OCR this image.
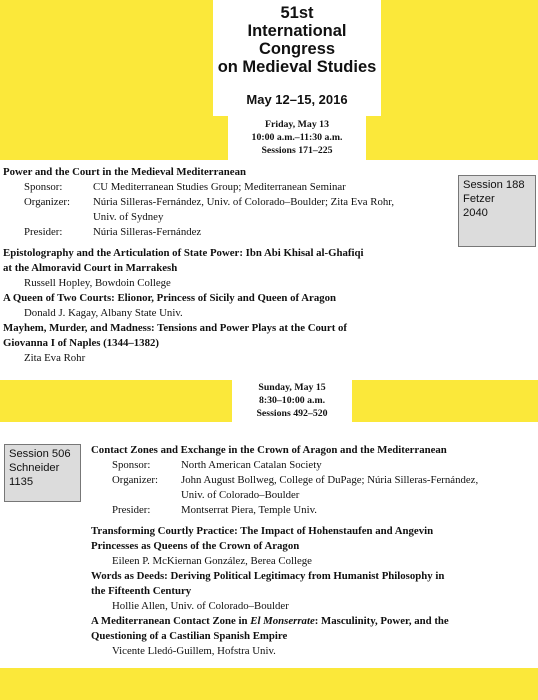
51st
International
Congress
on Medieval Studies
May 12–15, 2016
Friday, May 13
10:00 a.m.–11:30 a.m.
Sessions 171–225
Session 188
Fetzer
2040
Power and the Court in the Medieval Mediterranean
Sponsor:	CU Mediterranean Studies Group; Mediterranean Seminar
Organizer:	Núria Silleras-Fernández, Univ. of Colorado–Boulder; Zita Eva Rohr,
Univ. of Sydney
Presider:	Núria Silleras-Fernández
Epistolography and the Articulation of State Power: Ibn Abi Khisal al-Ghafiqi
at the Almoravid Court in Marrakesh
Russell Hopley, Bowdoin College
A Queen of Two Courts: Elionor, Princess of Sicily and Queen of Aragon
Donald J. Kagay, Albany State Univ.
Mayhem, Murder, and Madness: Tensions and Power Plays at the Court of
Giovanna I of Naples (1344–1382)
Zita Eva Rohr
Sunday, May 15
8:30–10:00 a.m.
Sessions 492–520
Session 506
Schneider
1135
Contact Zones and Exchange in the Crown of Aragon and the Mediterranean
Sponsor:	North American Catalan Society
Organizer:	John August Bollweg, College of DuPage; Núria Silleras-Fernández,
Univ. of Colorado–Boulder
Presider:	Montserrat Piera, Temple Univ.
Transforming Courtly Practice: The Impact of Hohenstaufen and Angevin
Princesses as Queens of the Crown of Aragon
Eileen P. McKiernan González, Berea College
Words as Deeds: Deriving Political Legitimacy from Humanist Philosophy in
the Fifteenth Century
Hollie Allen, Univ. of Colorado–Boulder
A Mediterranean Contact Zone in El Monserrate: Masculinity, Power, and the
Questioning of a Castilian Spanish Empire
Vicente Lledó-Guillem, Hofstra Univ.
